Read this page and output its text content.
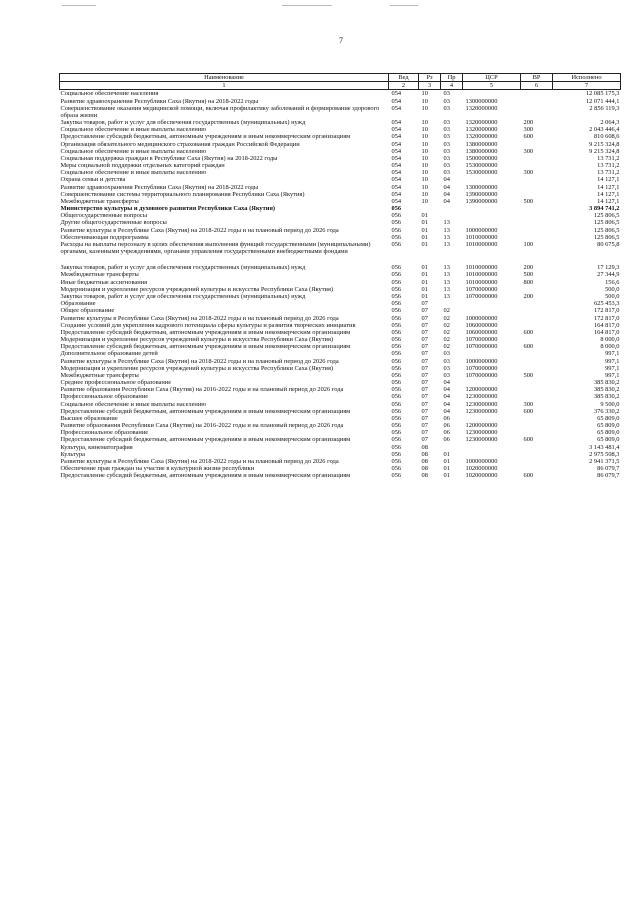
7
Наименование	Вед	Рз	Пр	ЦСР	ВР	Исполнено
1	2	3	4	5	6	7
Социальное обеспечение населения	054	10	03			12 085 175,3
Развитие здравоохранения Республики Саха (Якутия) на 2018-2022 годы	054	10	03	1300000000		12 071 444,1
Совершенствование оказания медицинской помощи, включая профилактику заболеваний и формирование здорового образа жизни	054	10	03	1320000000		2 856 119,3
Закупка товаров, работ и услуг для обеспечения государственных (муниципальных) нужд	054	10	03	1320000000	200	2 064,3
Социальное обеспечение и иные выплаты населению	054	10	03	1320000000	300	2 043 446,4
Предоставление субсидий бюджетным, автономным учреждениям и иным некоммерческим организациям	054	10	03	1320000000	600	810 608,6
Организация обязательного медицинского страхования граждан Российской Федерации	054	10	03	1380000000		9 215 324,8
Социальное обеспечение и иные выплаты населению	054	10	03	1380000000	300	9 215 324,8
Социальная поддержка граждан в Республике Саха (Якутия) на 2018-2022 годы	054	10	03	1500000000		13 731,2
Меры социальной поддержки отдельных категорий граждан	054	10	03	1530000000		13 731,2
Социальное обеспечение и иные выплаты населению	054	10	03	1530000000	300	13 731,2
Охрана семьи и детства	054	10	04			14 127,1
Развитие здравоохранения Республики Саха (Якутия) на 2018-2022 годы	054	10	04	1300000000		14 127,1
Совершенствование системы территориального планирования Республики Саха (Якутия)	054	10	04	1390000000		14 127,1
Межбюджетные трансферты	054	10	04	1390000000	500	14 127,1
Министерство культуры и духовного развития Республики Саха (Якутия)	056					3 894 741,2
Общегосударственные вопросы	056	01				125 806,5
Другие общегосударственные вопросы	056	01	13			125 806,5
Развитие культуры в Республике Саха (Якутия) на 2018-2022 годы и на плановый период до 2026 года	056	01	13	1000000000		125 806,5
Обеспечивающая подпрограмма	056	01	13	1010000000		125 806,5
Расходы на выплаты персоналу в целях обеспечения выполнения функций государственными (муниципальными) органами, казенными учреждениями, органами управления государственными внебюджетными фондами	056	01	13	1010000000	100	80 675,8
Закупка товаров, работ и услуг для обеспечения государственных (муниципальных) нужд	056	01	13	1010000000	200	17 129,3
Межбюджетные трансферты	056	01	13	1010000000	500	27 344,9
Иные бюджетные ассигнования	056	01	13	1010000000	800	156,6
Модернизация и укрепление ресурсов учреждений культуры и искусства Республики Саха (Якутия)	056	01	13	1070000000		500,0
Закупка товаров, работ и услуг для обеспечения государственных (муниципальных) нужд	056	01	13	1070000000	200	500,0
Образование	056	07				625 453,3
Общее образование	056	07	02			172 817,0
Развитие культуры в Республике Саха (Якутия) на 2018-2022 годы и на плановый период до 2026 года	056	07	02	1000000000		172 817,0
Создание условий для укрепления кадрового потенциала сферы культуры и развития творческих инициатив	056	07	02	1060000000		164 817,0
Предоставление субсидий бюджетным, автономным учреждениям и иным некоммерческим организациям	056	07	02	1060000000	600	164 817,0
Модернизация и укрепление ресурсов учреждений культуры и искусства Республики Саха (Якутия)	056	07	02	1070000000		8 000,0
Предоставление субсидий бюджетным, автономным учреждениям и иным некоммерческим организациям	056	07	02	1070000000	600	8 000,0
Дополнительное образование детей	056	07	03			997,1
Развитие культуры в Республике Саха (Якутия) на 2018-2022 годы и на плановый период до 2026 года	056	07	03	1000000000		997,1
Модернизация и укрепление ресурсов учреждений культуры и искусства Республики Саха (Якутия)	056	07	03	1070000000		997,1
Межбюджетные трансферты	056	07	03	1070000000	500	997,1
Среднее профессиональное образование	056	07	04			385 830,2
Развитие образования Республики Саха (Якутия) на 2016-2022 годы и на плановый период до 2026 года	056	07	04	1200000000		385 830,2
Профессиональное образование	056	07	04	1230000000		385 830,2
Социальное обеспечение и иные выплаты населению	056	07	04	1230000000	300	9 500,0
Предоставление субсидий бюджетным, автономным учреждениям и иным некоммерческим организациям	056	07	04	1230000000	600	376 330,2
Высшее образование	056	07	06			65 809,0
Развитие образования Республики Саха (Якутия) на 2016-2022 годы и на плановый период до 2026 года	056	07	06	1200000000		65 809,0
Профессиональное образование	056	07	06	1230000000		65 809,0
Предоставление субсидий бюджетным, автономным учреждениям и иным некоммерческим организациям	056	07	06	1230000000	600	65 809,0
Культура, кинематография	056	08				3 143 481,4
Культура	056	08	01			2 975 508,3
Развитие культуры в Республике Саха (Якутия) на 2018-2022 годы и на плановый период до 2026 года	056	08	01	1000000000		2 941 371,5
Обеспечение прав граждан на участие в культурной жизни республики	056	08	01	1020000000		86 079,7
Предоставление субсидий бюджетным, автономным учреждениям и иным некоммерческим организациям	056	08	01	1020000000	600	86 079,7
